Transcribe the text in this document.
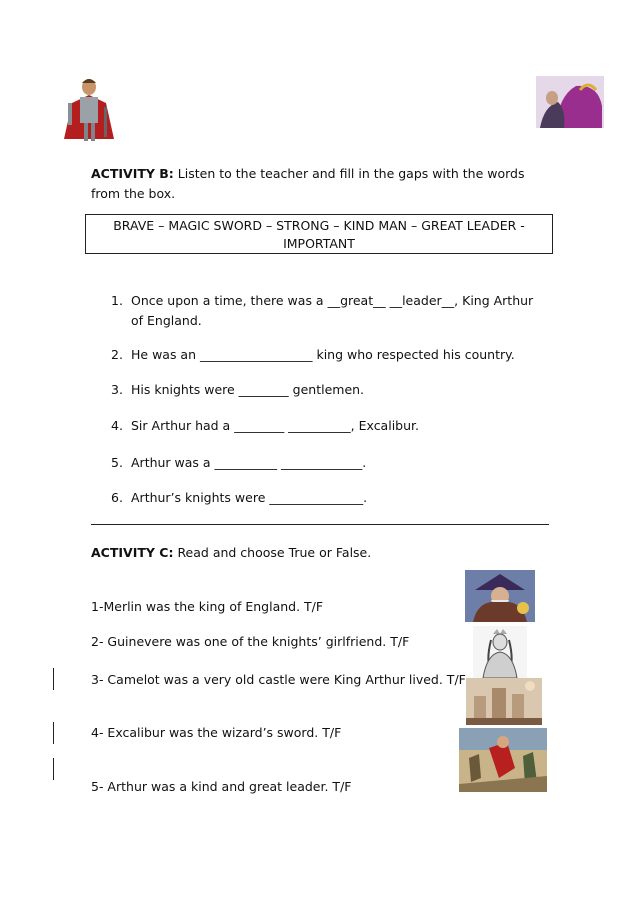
ACTIVITY B: Listen to the teacher and fill in the gaps with the words from the box.
BRAVE – MAGIC SWORD – STRONG – KIND MAN – GREAT LEADER - IMPORTANT
1. Once upon a time, there was a __great__ __leader__, King Arthur of England.
2. He was an __________________ king who respected his country.
3. His knights were ________ gentlemen.
4. Sir Arthur had a ________ __________, Excalibur.
5. Arthur was a __________ _____________.
6. Arthur’s knights were _______________.
ACTIVITY C: Read and choose True or False.
1-Merlin was the king of England. T/F
2- Guinevere was one of the knights’ girlfriend. T/F
3- Camelot was a very old castle were King Arthur lived. T/F
4- Excalibur was the wizard’s sword. T/F
5- Arthur was a kind and great leader. T/F
